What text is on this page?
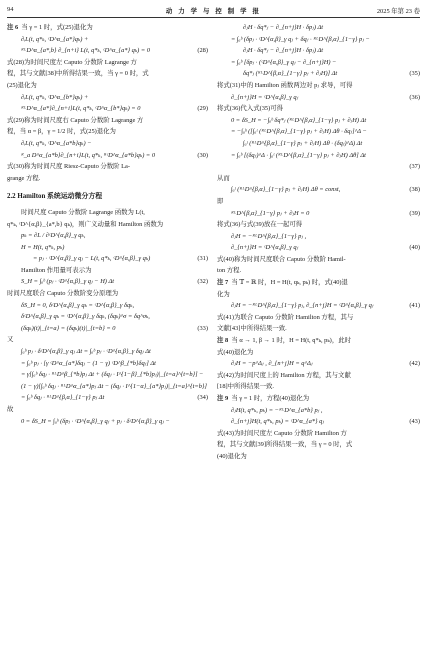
94	动 力 学 与 控 制 学 报	2025 年第 23 卷
注 6 当 γ = 1 时，式(25)退化为
∂ᵢL(t, q*ₖ, ᶜD^α_{a*}qₖ) +
ᴿᴸD^α_{a*,b} ∂_{n+i} L(t, q*ₖ, ᶜD^α_{a*} qₖ) = 0	(28)
式(28)为时间尺度左 Caputo 分数阶 Lagrange 方
程，其与文献[38]中所得结果一致，当 γ = 0 时，式
(25)退化为
∂ᵢL(t, q*ₖ, ᶜD^α_{b*}qₖ) +
ᴿᴸD^α_{a*}∂_{n+i}L(t, q*ₖ, ᶜD^α_{b*}qₖ) = 0	(29)
式(29)称为时间尺度右 Caputo 分数阶 Lagrange 方
程，当 α = β，γ = 1/2 时，式(25)退化为
∂ᵢL(t, q*ₖ, ᶜD^α_{a*b}qₖ) −
ᴿ_a D^α_{a*b}∂_{n+i}L(t, q*ₖ, ᴿᶜD^α_{a*b}qₖ) = 0	(30)
式(30)称为时间尺度 Riesz-Caputo 分数阶 La-
grange 方程.
2.2 Hamilton 系统运动微分方程
时间尺度 Caputo 分数阶 Lagrange 函数为 L(t,
q*ₖ, ᶜD^{α,β}_{a*,b} qₖ)，则广义动量和 Hamilton 函数为
pₖ = ∂L / ∂ᶜD^{α,β}_γ qₖ,
H = H(t, q*ₖ, pₖ)
= pⱼ · ᶜD^{α,β}_γ qⱼ − L(t, q*ₖ, ᶜD^{α,β}_γ qₖ)	(31)
Hamilton 作用量可表示为
S_H = ∫ₐᵇ (pⱼ · ᶜD^{α,β}_γ qⱼ − H) Δt	(32)
时间尺度联合 Caputo 分数阶变分原理为
δS_H = 0, δᶜD^{α,β}_γ qₖ = ᶜD^{α,β}_γ δqₖ,
δᶜD^{α,β}_γ qₖ = ᶜD^{α,β}_γ δqₖ, (δqₖ)^σ = δq^σₖ,
(δqₖ)(t)|_{t=a} = (δqₖ)(t)|_{t=b} = 0	(33)
又
∫ₐᵇ pⱼ · δᶜD^{α,β}_γ qⱼ Δt = ∫ₐᵇ pⱼ · ᶜD^{α,β}_γ δqⱼ Δt
= ∫ₐᵇ pⱼ · [γ ᶜD^α_{a*}δqⱼ − (1 − γ) ᶜD^β_{*b}δqⱼ] Δt
= γ[∫ₐᵇ δqⱼ · ᴿᴸD^β_{*b}pⱼ Δt + (δqⱼ · I^{1−β}_{*b}pⱼ)|_{t=a}^{t=b}] −
(1 − γ)[∫ₐᵇ δqⱼ · ᴿᴸD^α_{a*}pⱼ Δt − (δqⱼ · I^{1−α}_{a*}pⱼ)|_{t=a}^{t=b}]
= ∫ₐᵇ δqⱼ · ᴿᴸD^{β,α}_{1−γ} pⱼ Δt	(34)
故
0 = δS_H = ∫ₐᵇ (δpⱼ · ᶜD^{α,β}_γ qⱼ + pⱼ · δᶜD^{α,β}_γ qⱼ −
∂ⱼH · δq*ⱼ − ∂_{n+j}H · δpⱼ) Δt
= ∫ₐᵇ (δpⱼ · ᶜD^{α,β}_γ qⱼ + δqⱼ · ᴿᴸD^{β,α}_{1−γ} pⱼ −
∂ⱼH · δq*ⱼ − ∂_{n+j}H · δpⱼ) Δt
= ∫ₐᵇ [δpⱼ · (ᶜD^{α,β}_γ qⱼ − ∂_{n+j}H) −
δq*ⱼ (ᴿᴸD^{β,α}_{1−γ} pⱼ + ∂ⱼH)] Δt	(35)
将式(31)中的 Hamilton 函数两边对 pⱼ 求导，可得
∂_{n+j}H = ᶜD^{α,β}_γ qⱼ	(36)
将式(36)代入式(35)可得
0 = δS_H = −∫ₐᵇ δq*ⱼ (ᴿᴸD^{β,α}_{1−γ} pⱼ + ∂ⱼH) Δt
= −∫ₐᵇ ([∫ₐᵗ (ᴿᴸD^{β,α}_{1−γ} pⱼ + ∂ⱼH) Δθ · δqⱼ]^Δ −
∫ₐᵗ (ᴿᴸD^{β,α}_{1−γ} pⱼ + ∂ⱼH) Δθ · (δqⱼ)^Δ) Δt
= ∫ₐᵇ [(δqⱼ)^Δ · ∫ₐᵗ (ᴿᴸD^{β,α}_{1−γ} pⱼ + ∂ⱼH) Δθ] Δt
(37)
从而
∫ₐᵗ (ᴿᴸD^{β,α}_{1−γ} pⱼ + ∂ⱼH) Δθ = const,	(38)
即
ᴿᴸD^{β,α}_{1−γ} pⱼ + ∂ⱼH = 0	(39)
将式(36)与式(39)放在一起可得
∂ⱼH = −ᴿᴸD^{β,α}_{1−γ} pⱼ ,
∂_{n+j}H = ᶜD^{α,β}_γ qⱼ	(40)
式(40)称为时间尺度联合 Caputo 分数阶 Hamil-
ton 方程.
注 7 当 𝕋 = ℝ 时，H = H(t, qₖ, pₖ) 时，式(40)退
化为
∂ⱼH = −ᴿᴸD^{β,α}_{1−γ} pⱼ, ∂_{n+j}H = ᶜD^{α,β}_γ qⱼ	(41)
式(41)为联合 Caputo 分数阶 Hamilton 方程，其与
文献[43]中所得结果一致.
注 8 当 α → 1, β → 1 时，H = H(t, q*ₖ, pₖ)，此时
式(40)退化为
∂ⱼH = −p^Δⱼ , ∂_{n+j}H = q^Δⱼ	(42)
式(42)为时间尺度上的 Hamilton 方程，其与文献
[18]中所得结果一致.
注 9 当 γ = 1 时，方程(40)退化为
∂ⱼH(t, q*ₖ, pₖ) = −ᴿᴸD^α_{a*b} pⱼ ,
∂_{n+j}H(t, q*ₖ, pₖ) = ᶜD^α_{a*} qⱼ	(43)
式(43)为时间尺度左 Caputo 分数阶 Hamilton 方
程，其与文献[39]所得结果一致，当 γ = 0 时，式
(40)退化为
